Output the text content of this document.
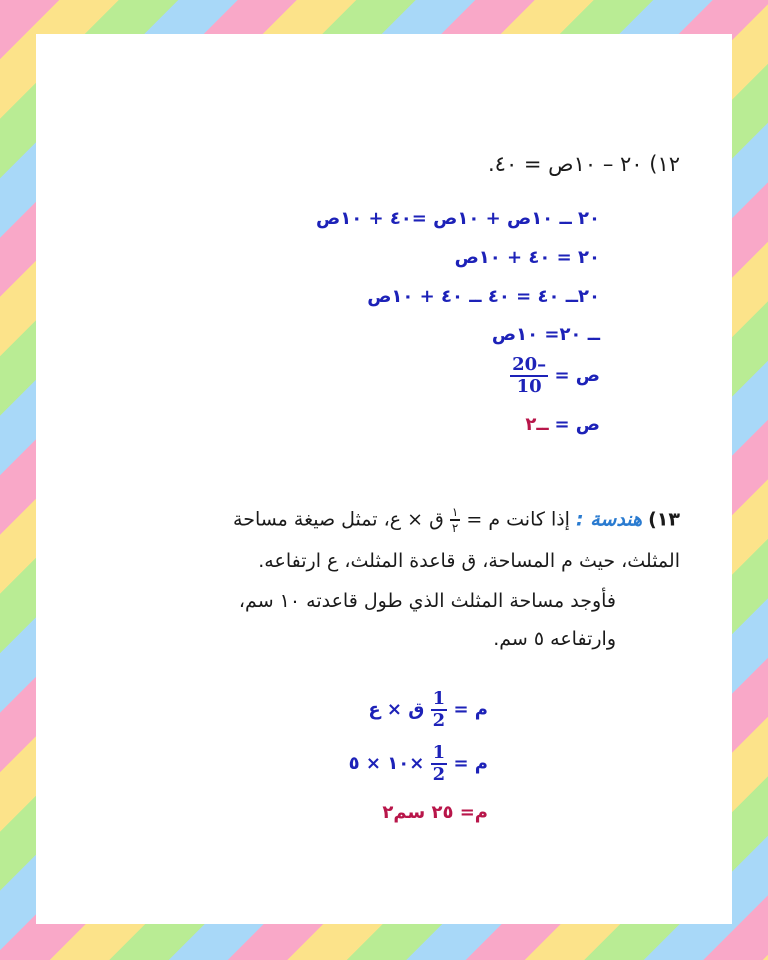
١٢) ٢٠ – ١٠ص = ٤٠.
٢٠ ــ ١٠ص + ١٠ص =٤٠ + ١٠ص
٢٠ = ٤٠ + ١٠ص
٢٠ــ ٤٠ = ٤٠ ــ ٤٠ + ١٠ص
ــ ٢٠= ١٠ص
ص =
$\frac{20-}{10}$
ص = ــ٢
١٣) هندسة : إذا كانت م =
$\frac{١}{٢}$
ق × ع، تمثل صيغة مساحة
المثلث، حيث م المساحة، ق قاعدة المثلث، ع ارتفاعه.
فأوجد مساحة المثلث الذي طول قاعدته ١٠ سم،
وارتفاعه ٥ سم.
م =
$\frac{1}{2}$
ق × ع
م =
$\frac{1}{2}$
×١٠ × ٥
م= ٢٥ سم٢
